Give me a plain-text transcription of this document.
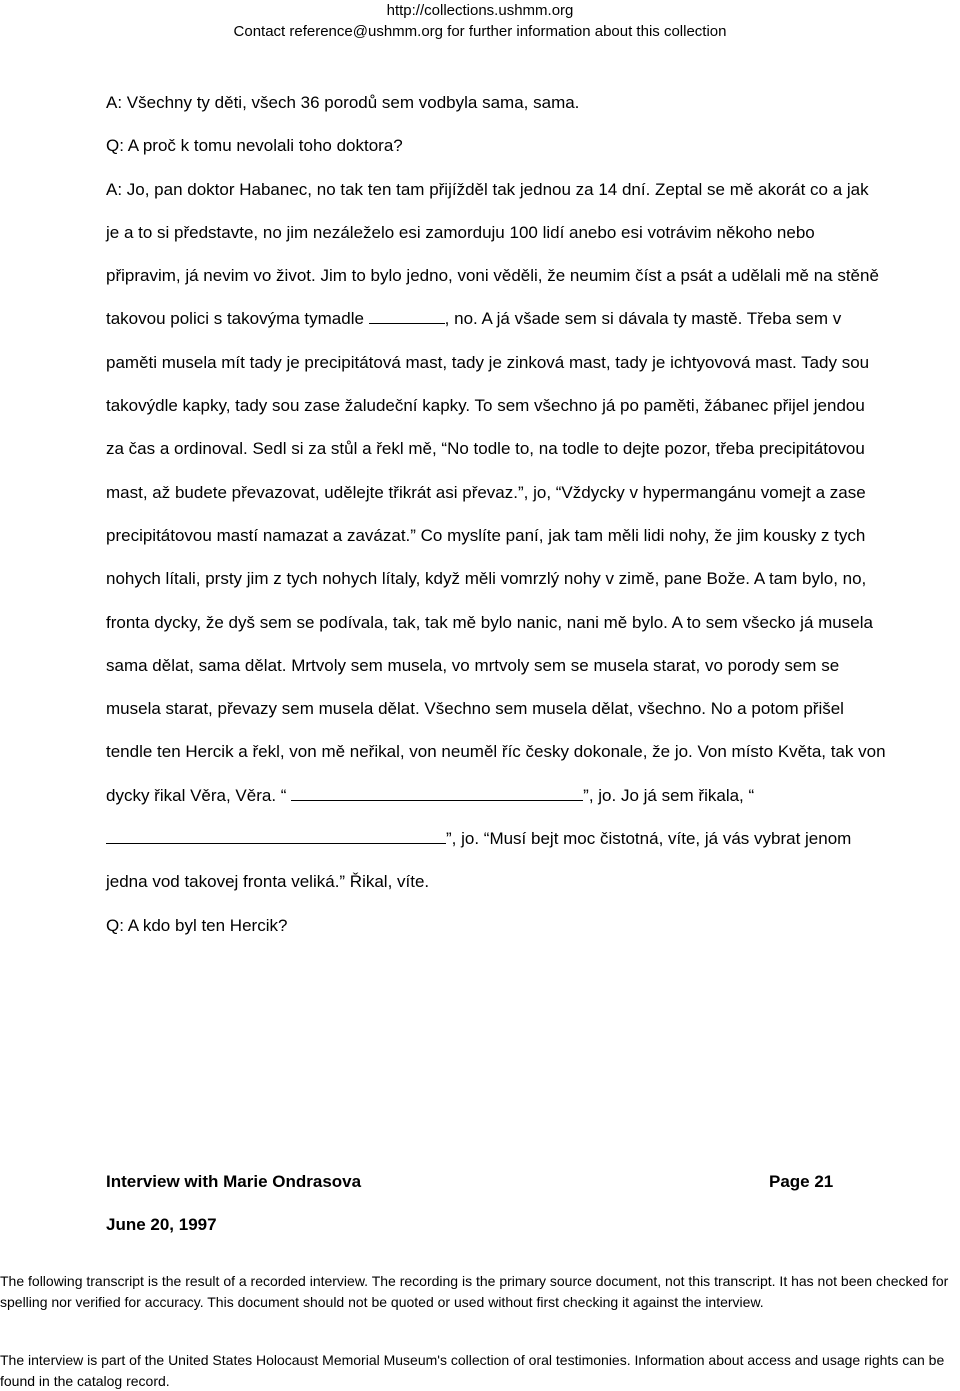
http://collections.ushmm.org
Contact reference@ushmm.org for further information about this collection

A: Všechny ty děti, všech 36 porodů sem vodbyla sama, sama.

Q: A proč k tomu nevolali toho doktora?

A: Jo, pan doktor Habanec, no tak ten tam přijížděl tak jednou za 14 dní. Zeptal se mě akorát co a jak je a to si představte, no jim nezáleželo esi zamorduju 100 lidí anebo esi votrávim někoho nebo připravim, já nevim vo život. Jim to bylo jedno, voni věděli, že neumim číst a psát a udělali mě na stěně takovou polici s takovýma tymadle	, no. A já všade sem si dávala ty mastě. Třeba sem v paměti musela mít tady je precipitátová mast, tady je zinková mast, tady je ichtyovová mast. Tady sou takovýdle kapky, tady sou zase žaludeční kapky. To sem všechno já po paměti, žábanec přijel jendou za čas a ordinoval. Sedl si za stůl a řekl mě, “No todle to, na todle to dejte pozor, třeba precipitátovou mast, až budete převazovat, udělejte třikrát asi převaz.”, jo, “Vždycky v hypermangánu vomejt a zase precipitátovou mastí namazat a zavázat.” Co myslíte paní, jak tam měli lidi nohy, že jim kousky z tych nohych lítali, prsty jim z tych nohych lítaly, když měli vomrzlý nohy v zimě, pane Bože. A tam bylo, no, fronta dycky, že dyš sem se podívala, tak, tak mě bylo nanic, nani mě bylo. A to sem všecko já musela sama dělat, sama dělat. Mrtvoly sem musela, vo mrtvoly sem se musela starat, vo porody sem se musela starat, převazy sem musela dělat. Všechno sem musela dělat, všechno. No a potom přišel tendle ten Hercik a řekl, von mě neřikal, von neuměl říc česky dokonale, že jo. Von místo Květa, tak von dycky řikal Věra, Věra. “	”, jo. Jo já sem řikala, “ ”, jo. “Musí bejt moc čistotná, víte, já vás vybrat jenom jedna vod takovej fronta veliká.” Řikal, víte.

Q: A kdo byl ten Hercik?

Interview with Marie Ondrasova	Page 21
June 20, 1997
The following transcript is the result of a recorded interview. The recording is the primary source document, not this transcript. It has not been checked for spelling nor verified for accuracy. This document should not be quoted or used without first checking it against the interview.
The interview is part of the United States Holocaust Memorial Museum's collection of oral testimonies. Information about access and usage rights can be found in the catalog record.
